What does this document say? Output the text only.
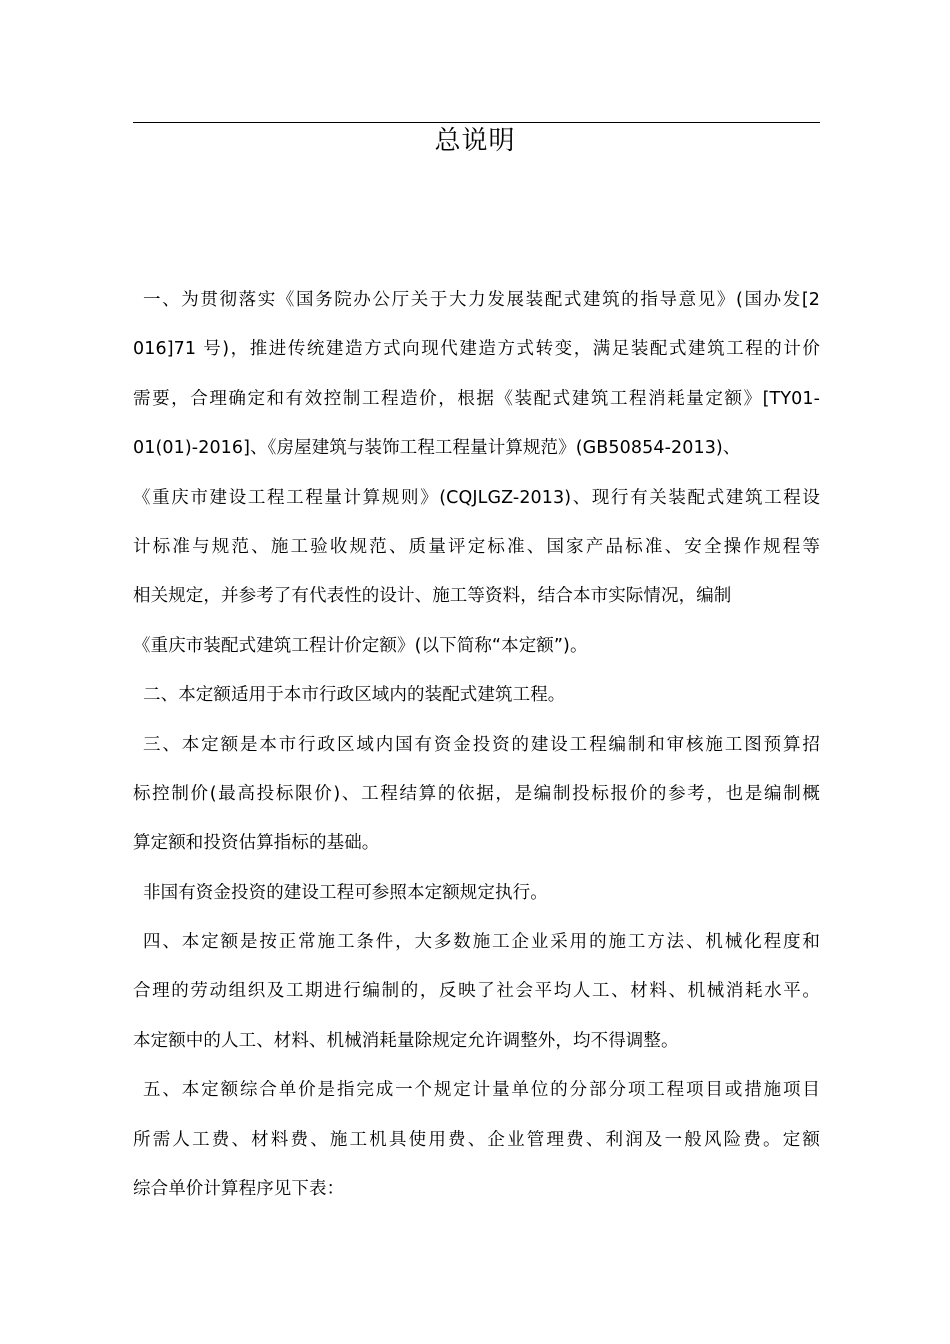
总说明
一、为贯彻落实《国务院办公厅关于大力发展装配式建筑的指导意见》(国办发[2
016]71 号)，推进传统建造方式向现代建造方式转变，满足装配式建筑工程的计价
需要，合理确定和有效控制工程造价，根据《装配式建筑工程消耗量定额》[TY01-
01(01)-2016]、《房屋建筑与装饰工程工程量计算规范》(GB50854-2013)、
《重庆市建设工程工程量计算规则》(CQJLGZ-2013)、现行有关装配式建筑工程设
计标准与规范、施工验收规范、质量评定标准、国家产品标准、安全操作规程等
相关规定，并参考了有代表性的设计、施工等资料，结合本市实际情况，编制
《重庆市装配式建筑工程计价定额》(以下简称“本定额”)。
二、本定额适用于本市行政区域内的装配式建筑工程。
三、本定额是本市行政区域内国有资金投资的建设工程编制和审核施工图预算招
标控制价(最高投标限价)、工程结算的依据，是编制投标报价的参考，也是编制概
算定额和投资估算指标的基础。
非国有资金投资的建设工程可参照本定额规定执行。
四、本定额是按正常施工条件，大多数施工企业采用的施工方法、机械化程度和
合理的劳动组织及工期进行编制的，反映了社会平均人工、材料、机械消耗水平。
本定额中的人工、材料、机械消耗量除规定允许调整外，均不得调整。
五、本定额综合单价是指完成一个规定计量单位的分部分项工程项目或措施项目
所需人工费、材料费、施工机具使用费、企业管理费、利润及一般风险费。定额
综合单价计算程序见下表：
